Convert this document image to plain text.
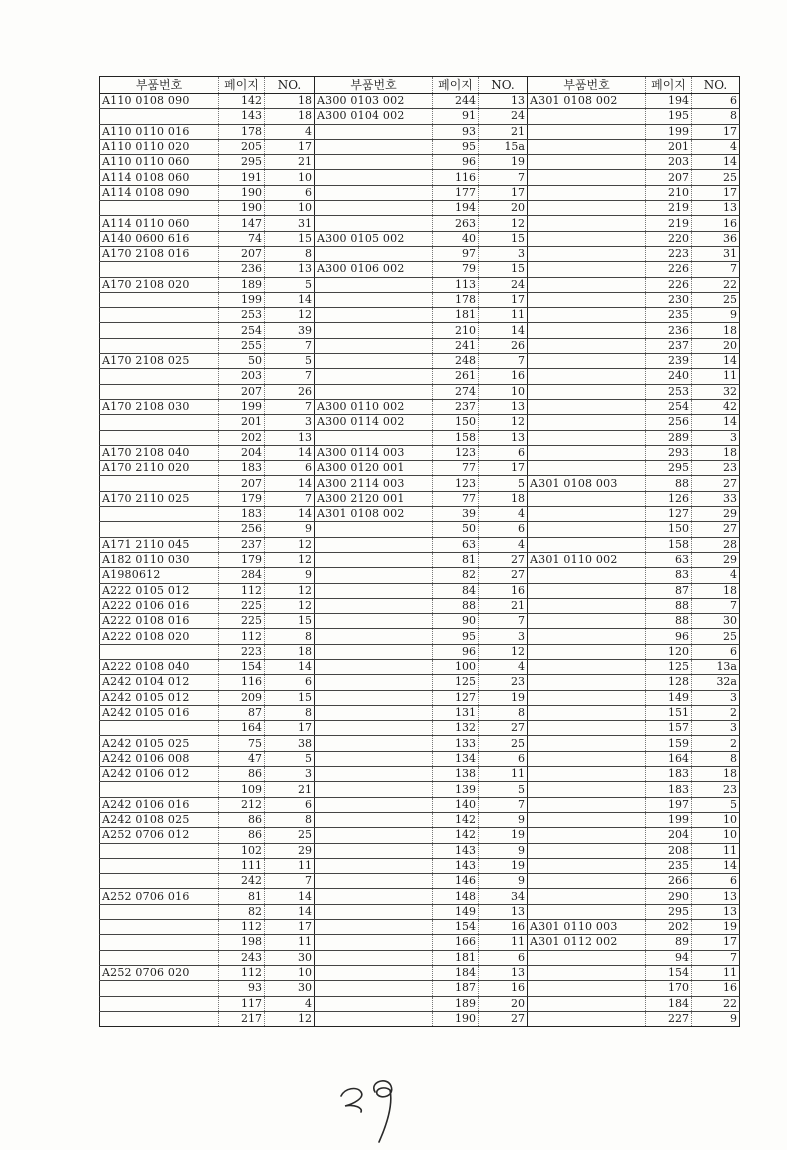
부품번호	페이지	NO.	부품번호	페이지	NO.	부품번호	페이지	NO.
A110 0108 090	142	18	A300 0103 002	244	13	A301 0108 002	194	6
	143	18	A300 0104 002	91	24		195	8
A110 0110 016	178	4		93	21		199	17
A110 0110 020	205	17		95	15a		201	4
A110 0110 060	295	21		96	19		203	14
A114 0108 060	191	10		116	7		207	25
A114 0108 090	190	6		177	17		210	17
	190	10		194	20		219	13
A114 0110 060	147	31		263	12		219	16
A140 0600 616	74	15	A300 0105 002	40	15		220	36
A170 2108 016	207	8		97	3		223	31
	236	13	A300 0106 002	79	15		226	7
A170 2108 020	189	5		113	24		226	22
	199	14		178	17		230	25
	253	12		181	11		235	9
	254	39		210	14		236	18
	255	7		241	26		237	20
A170 2108 025	50	5		248	7		239	14
	203	7		261	16		240	11
	207	26		274	10		253	32
A170 2108 030	199	7	A300 0110 002	237	13		254	42
	201	3	A300 0114 002	150	12		256	14
	202	13		158	13		289	3
A170 2108 040	204	14	A300 0114 003	123	6		293	18
A170 2110 020	183	6	A300 0120 001	77	17		295	23
	207	14	A300 2114 003	123	5	A301 0108 003	88	27
A170 2110 025	179	7	A300 2120 001	77	18		126	33
	183	14	A301 0108 002	39	4		127	29
	256	9		50	6		150	27
A171 2110 045	237	12		63	4		158	28
A182 0110 030	179	12		81	27	A301 0110 002	63	29
A1980612	284	9		82	27		83	4
A222 0105 012	112	12		84	16		87	18
A222 0106 016	225	12		88	21		88	7
A222 0108 016	225	15		90	7		88	30
A222 0108 020	112	8		95	3		96	25
	223	18		96	12		120	6
A222 0108 040	154	14		100	4		125	13a
A242 0104 012	116	6		125	23		128	32a
A242 0105 012	209	15		127	19		149	3
A242 0105 016	87	8		131	8		151	2
	164	17		132	27		157	3
A242 0105 025	75	38		133	25		159	2
A242 0106 008	47	5		134	6		164	8
A242 0106 012	86	3		138	11		183	18
	109	21		139	5		183	23
A242 0106 016	212	6		140	7		197	5
A242 0108 025	86	8		142	9		199	10
A252 0706 012	86	25		142	19		204	10
	102	29		143	9		208	11
	111	11		143	19		235	14
	242	7		146	9		266	6
A252 0706 016	81	14		148	34		290	13
	82	14		149	13		295	13
	112	17		154	16	A301 0110 003	202	19
	198	11		166	11	A301 0112 002	89	17
	243	30		181	6		94	7
A252 0706 020	112	10		184	13		154	11
	93	30		187	16		170	16
	117	4		189	20		184	22
	217	12		190	27		227	9
